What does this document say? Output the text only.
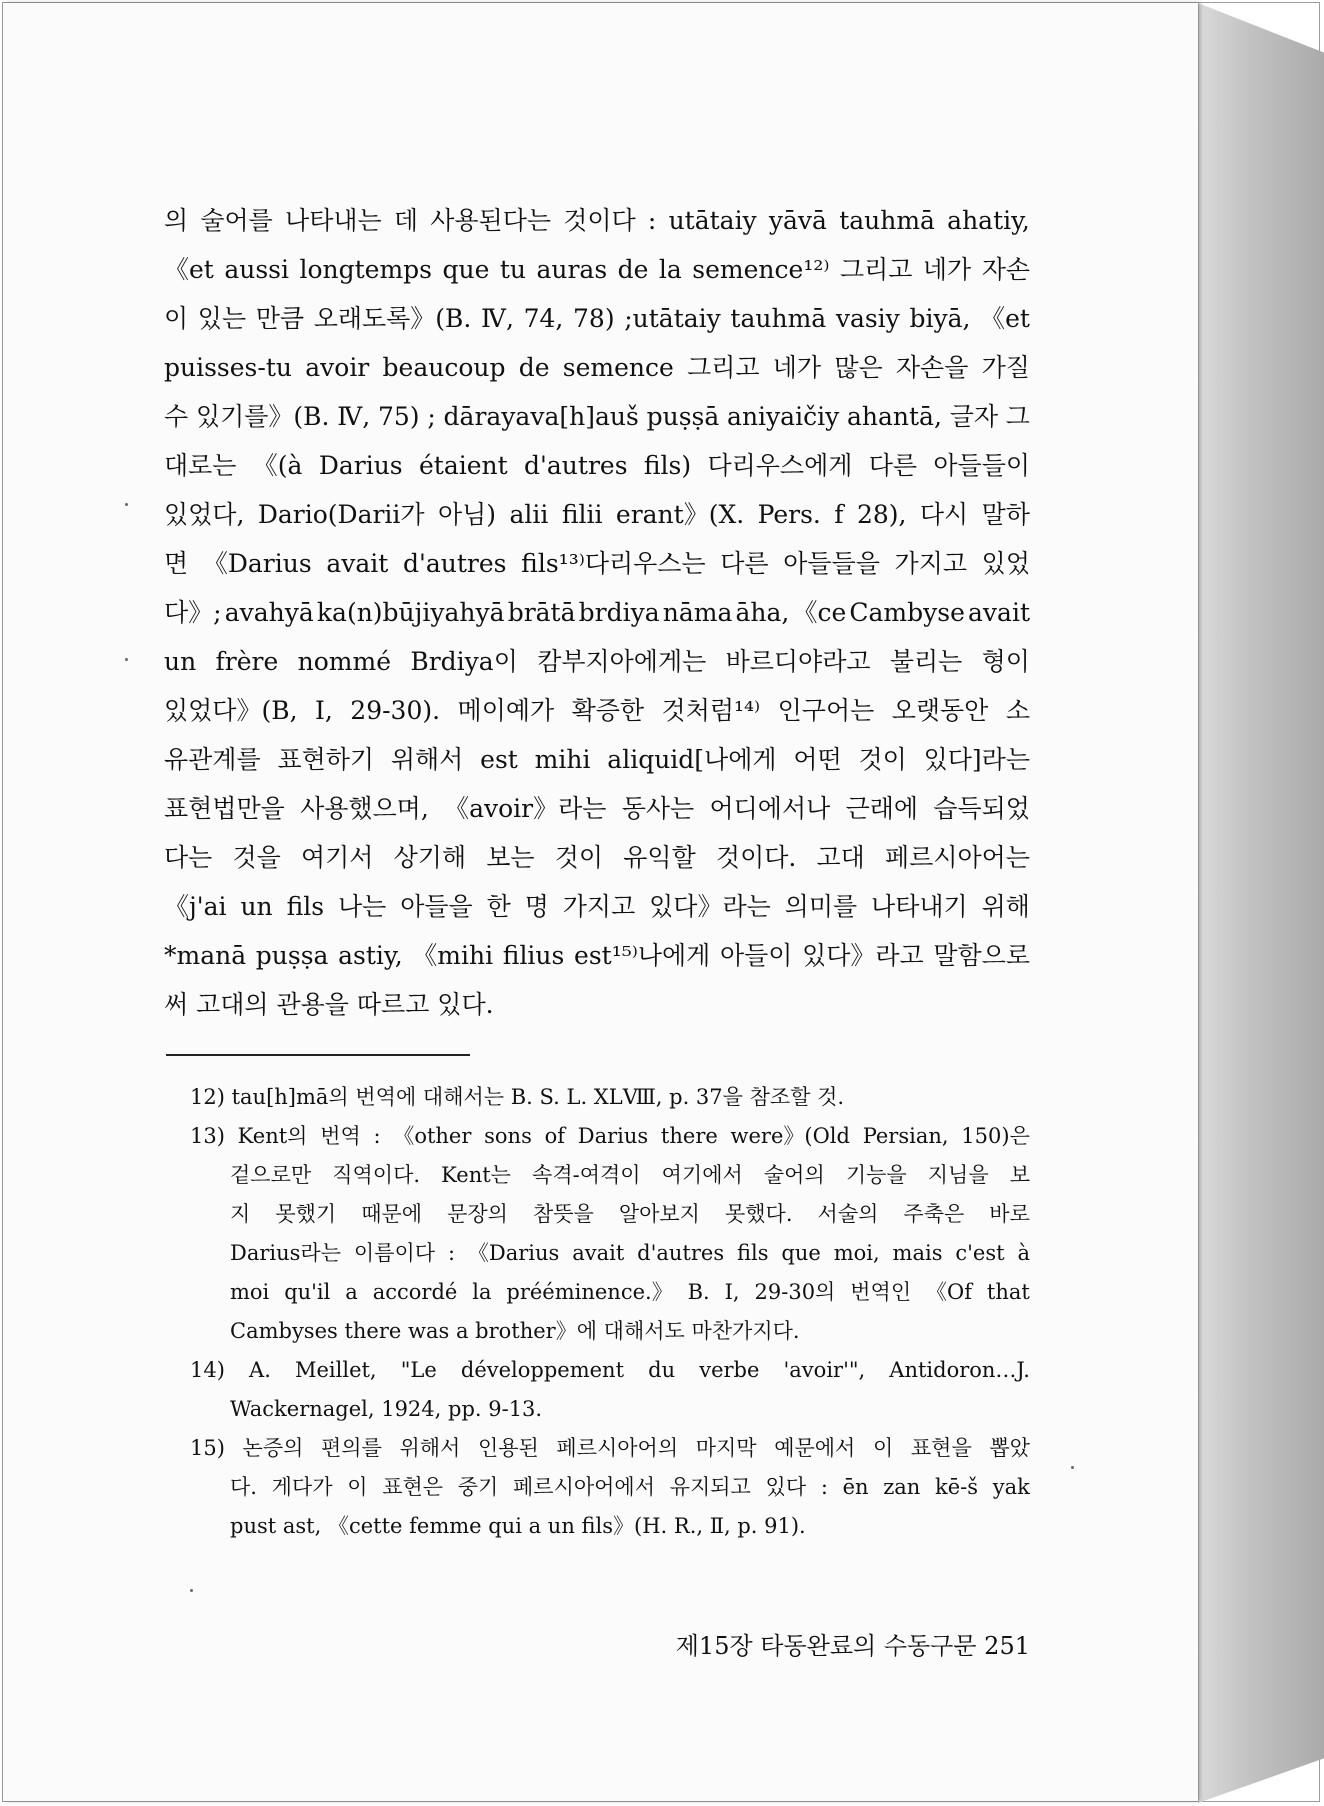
의 술어를 나타내는 데 사용된다는 것이다 : utātaiy yāvā tauhmā ahatiy,
《et aussi longtemps que tu auras de la semence¹²⁾ 그리고 네가 자손
이 있는 만큼 오래도록》(B. Ⅳ, 74, 78) ;utātaiy tauhmā vasiy biyā, 《et
puisses-tu avoir beaucoup de semence 그리고 네가 많은 자손을 가질
수 있기를》(B. Ⅳ, 75) ; dārayava[h]auš puṣṣā aniyaičiy ahantā, 글자 그
대로는 《(à Darius étaient d'autres fils) 다리우스에게 다른 아들들이
있었다, Dario(Darii가 아님) alii filii erant》(Ⅹ. Pers. f 28), 다시 말하
면 《Darius avait d'autres fils¹³⁾다리우스는 다른 아들들을 가지고 있었
다》; avahyā ka(n)būjiyahyā brātā brdiya nāma āha, 《ce Cambyse avait
un frère nommé Brdiya이 캄부지아에게는 바르디야라고 불리는 형이
있었다》(B, Ⅰ, 29-30). 메이예가 확증한 것처럼¹⁴⁾ 인구어는 오랫동안 소
유관계를 표현하기 위해서 est mihi aliquid[나에게 어떤 것이 있다]라는
표현법만을 사용했으며, 《avoir》라는 동사는 어디에서나 근래에 습득되었
다는 것을 여기서 상기해 보는 것이 유익할 것이다. 고대 페르시아어는
《j'ai un fils 나는 아들을 한 명 가지고 있다》라는 의미를 나타내기 위해
*manā puṣṣa astiy, 《mihi filius est¹⁵⁾나에게 아들이 있다》라고 말함으로
써 고대의 관용을 따르고 있다.
12) tau[h]mā의 번역에 대해서는 B. S. L. ⅩLⅧ, p. 37을 참조할 것.
13) Kent의 번역 : 《other sons of Darius there were》(Old Persian, 150)은
겉으로만 직역이다. Kent는 속격-여격이 여기에서 술어의 기능을 지님을 보
지 못했기 때문에 문장의 참뜻을 알아보지 못했다. 서술의 주축은 바로
Darius라는 이름이다 : 《Darius avait d'autres fils que moi, mais c'est à
moi qu'il a accordé la prééminence.》 B. Ⅰ, 29-30의 번역인 《Of that
Cambyses there was a brother》에 대해서도 마찬가지다.
14) A. Meillet, "Le développement du verbe 'avoir'", Antidoron…J.
Wackernagel, 1924, pp. 9-13.
15) 논증의 편의를 위해서 인용된 페르시아어의 마지막 예문에서 이 표현을 뽑았
다. 게다가 이 표현은 중기 페르시아어에서 유지되고 있다 : ēn zan kē-š yak
pust ast, 《cette femme qui a un fils》(H. R., Ⅱ, p. 91).
제15장 타동완료의 수동구문 251
